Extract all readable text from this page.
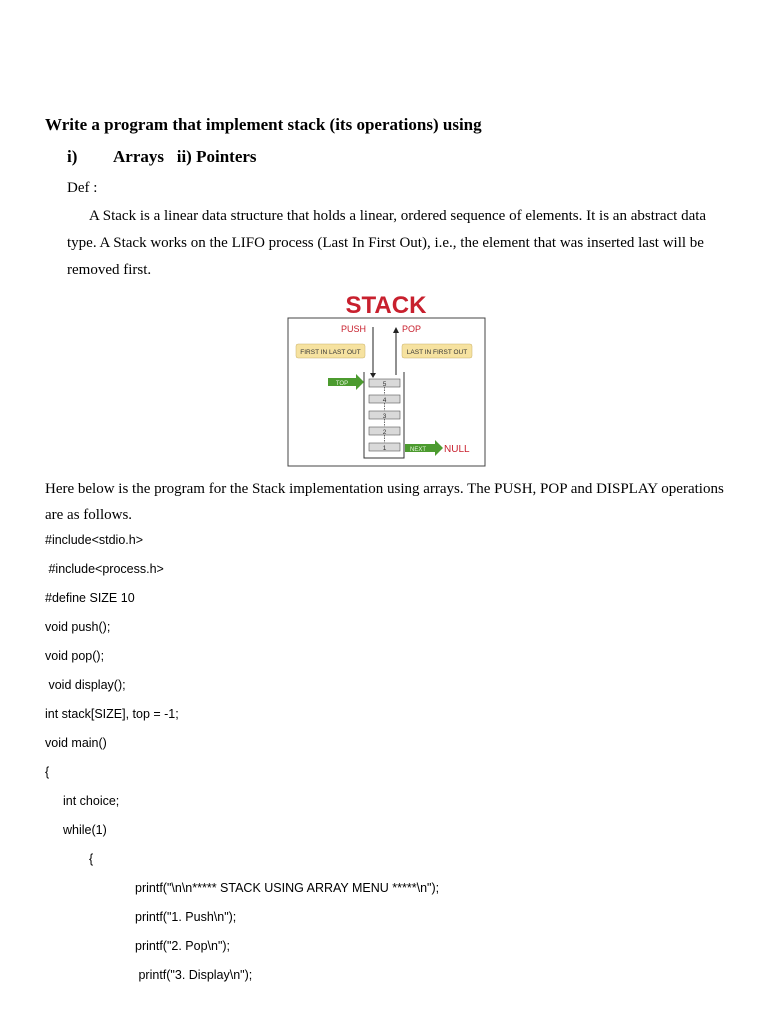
Write a program that implement stack (its operations) using
i) Arrays   ii) Pointers
Def :
A Stack is a linear data structure that holds a linear, ordered sequence of elements. It is an abstract data type. A Stack works on the LIFO process (Last In First Out), i.e., the element that was inserted last will be removed first.
STACK
PUSH	POP
FIRST IN LAST OUT	LAST IN FIRST OUT
TOP	5
4
3
2
1	NEXT NULL
Here below is the program for the Stack implementation using arrays. The PUSH, POP and DISPLAY operations are as follows.
#include<stdio.h>
#include<process.h>
#define SIZE 10
void push();
void pop();
void display();
int stack[SIZE], top = -1;
void main()
{
int choice;
while(1)
{
printf("\n\n***** STACK USING ARRAY MENU *****\n");
printf("1. Push\n");
printf("2. Pop\n");
printf("3. Display\n");
